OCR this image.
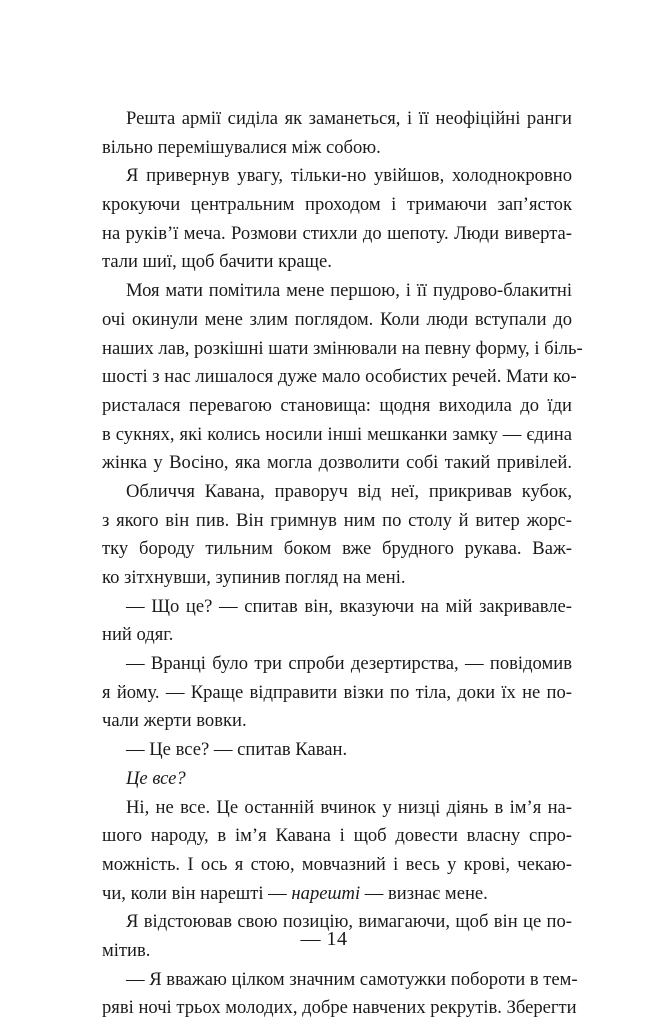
Решта армії сиділа як заманеться, і її неофіційні ранги
вільно перемішувалися між собою.
Я привернув увагу, тільки-но увійшов, холоднокровно
крокуючи центральним проходом і тримаючи зап’ясток
на руків’ї меча. Розмови стихли до шепоту. Люди виверта-
тали шиї, щоб бачити краще.
Моя мати помітила мене першою, і її пудрово-блакитні
очі окинули мене злим поглядом. Коли люди вступали до
наших лав, розкішні шати змінювали на певну форму, і біль-
шості з нас лишалося дуже мало особистих речей. Мати ко-
ристалася перевагою становища: щодня виходила до їди
в сукнях, які колись носили інші мешканки замку — єдина
жінка у Восіно, яка могла дозволити собі такий привілей.
Обличчя Кавана, праворуч від неї, прикривав кубок,
з якого він пив. Він гримнув ним по столу й витер жорс-
тку бороду тильним боком вже брудного рукава. Важ-
ко зітхнувши, зупинив погляд на мені.
— Що це? — спитав він, вказуючи на мій закривавле-
ний одяг.
— Вранці було три спроби дезертирства, — повідомив
я йому. — Краще відправити візки по тіла, доки їх не по-
чали жерти вовки.
— Це все? — спитав Каван.
Це все?
Ні, не все. Це останній вчинок у низці діянь в ім’я на-
шого народу, в ім’я Кавана і щоб довести власну спро-
можність. І ось я стою, мовчазний і весь у крові, чекаю-
чи, коли він нарешті — нарешті — визнає мене.
Я відстоював свою позицію, вимагаючи, щоб він це по-
мітив.
— Я вважаю цілком значним самотужки побороти в тем-
ряві ночі трьох молодих, добре навчених рекрутів. Зберегти
— 14
